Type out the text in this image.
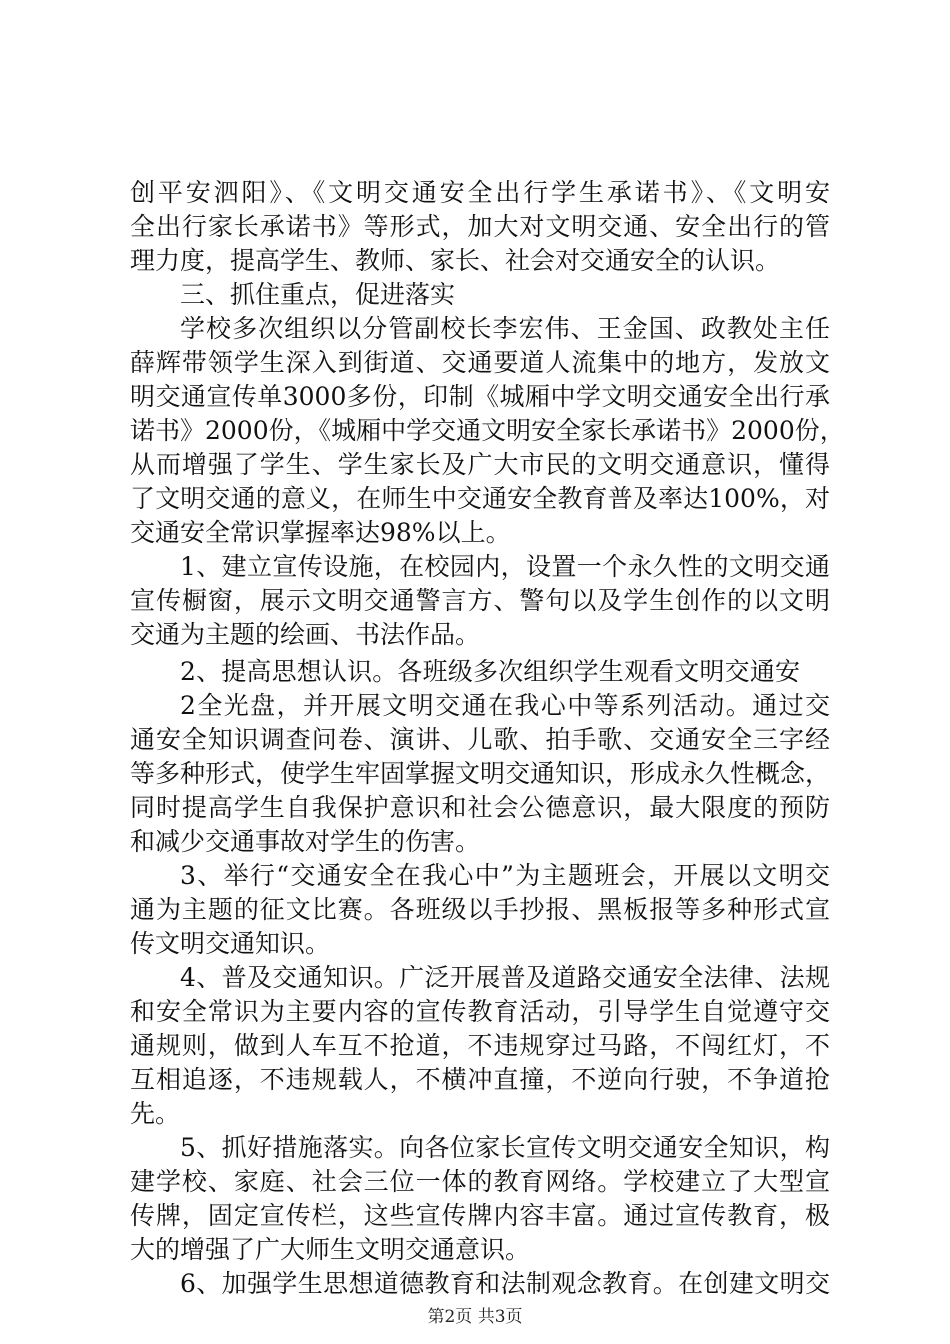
创平安泗阳》、《文明交通安全出行学生承诺书》、《文明安
全出行家长承诺书》等形式，加大对文明交通、安全出行的管
理力度，提高学生、教师、家长、社会对交通安全的认识。
三、抓住重点，促进落实
学校多次组织以分管副校长李宏伟、王金国、政教处主任
薛辉带领学生深入到街道、交通要道人流集中的地方，发放文
明交通宣传单3000多份，印制《城厢中学文明交通安全出行承
诺书》2000份，《城厢中学交通文明安全家长承诺书》2000份，
从而增强了学生、学生家长及广大市民的文明交通意识，懂得
了文明交通的意义，在师生中交通安全教育普及率达100%，对
交通安全常识掌握率达98%以上。
1、建立宣传设施，在校园内，设置一个永久性的文明交通
宣传橱窗，展示文明交通警言方、警句以及学生创作的以文明
交通为主题的绘画、书法作品。
2、提高思想认识。各班级多次组织学生观看文明交通安
2全光盘，并开展文明交通在我心中等系列活动。通过交
通安全知识调查问卷、演讲、儿歌、拍手歌、交通安全三字经
等多种形式，使学生牢固掌握文明交通知识，形成永久性概念，
同时提高学生自我保护意识和社会公德意识，最大限度的预防
和减少交通事故对学生的伤害。
3、举行“交通安全在我心中”为主题班会，开展以文明交
通为主题的征文比赛。各班级以手抄报、黑板报等多种形式宣
传文明交通知识。
4、普及交通知识。广泛开展普及道路交通安全法律、法规
和安全常识为主要内容的宣传教育活动，引导学生自觉遵守交
通规则，做到人车互不抢道，不违规穿过马路，不闯红灯，不
互相追逐，不违规载人，不横冲直撞，不逆向行驶，不争道抢
先。
5、抓好措施落实。向各位家长宣传文明交通安全知识，构
建学校、家庭、社会三位一体的教育网络。学校建立了大型宣
传牌，固定宣传栏，这些宣传牌内容丰富。通过宣传教育，极
大的增强了广大师生文明交通意识。
6、加强学生思想道德教育和法制观念教育。在创建文明交
第2页 共3页
